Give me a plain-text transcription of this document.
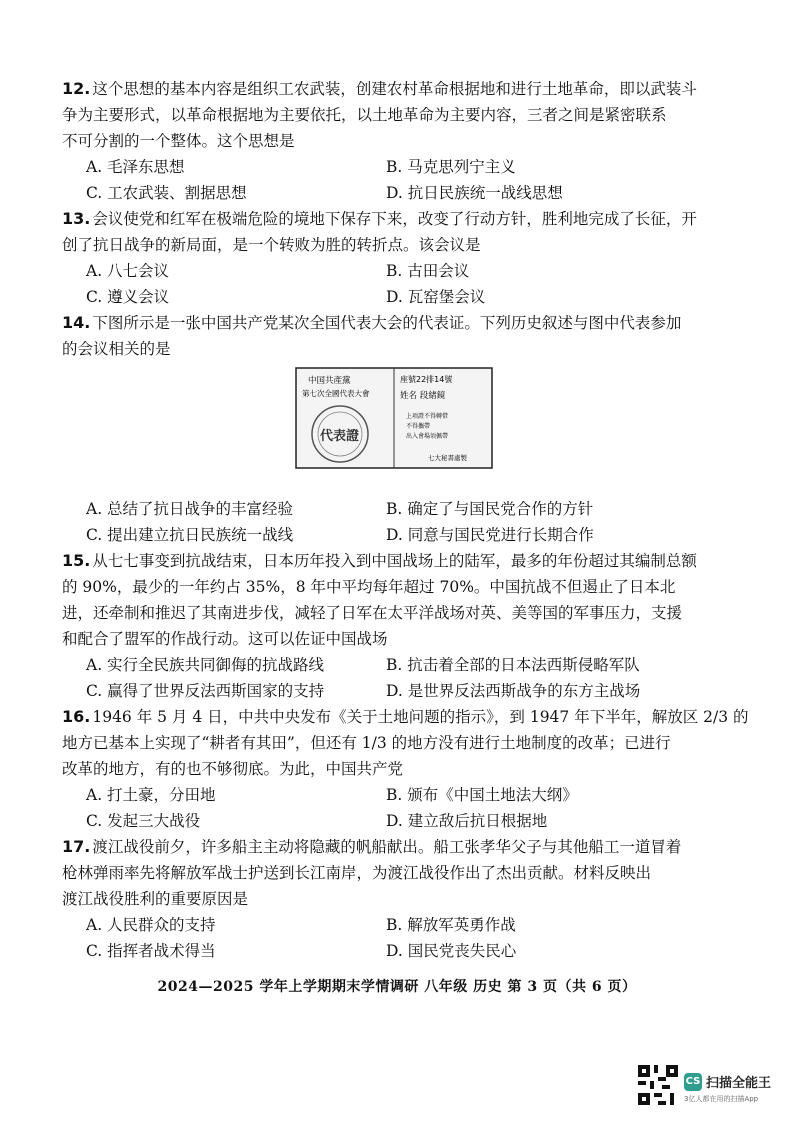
12. 这个思想的基本内容是组织工农武装，创建农村革命根据地和进行土地革命，即以武装斗
争为主要形式，以革命根据地为主要依托，以土地革命为主要内容，三者之间是紧密联系
不可分割的一个整体。这个思想是
A. 毛泽东思想	B. 马克思列宁主义
C. 工农武装、割据思想	D. 抗日民族统一战线思想
13. 会议使党和红军在极端危险的境地下保存下来，改变了行动方针，胜利地完成了长征，开
创了抗日战争的新局面，是一个转败为胜的转折点。该会议是
A. 八七会议	B. 古田会议
C. 遵义会议	D. 瓦窑堡会议
14. 下图所示是一张中国共产党某次全国代表大会的代表证。下列历史叙述与图中代表参加
的会议相关的是
中国共產黨
第七次全國代表大會
代表證
座號22排14號
姓名 段緒鏡
上項證不得轉借
不得攜帶
出入會場須佩帶
七大秘書處製
A. 总结了抗日战争的丰富经验	B. 确定了与国民党合作的方针
C. 提出建立抗日民族统一战线	D. 同意与国民党进行长期合作
15. 从七七事变到抗战结束，日本历年投入到中国战场上的陆军，最多的年份超过其编制总额
的 90%，最少的一年约占 35%，8 年中平均每年超过 70%。中国抗战不但遏止了日本北
进，还牵制和推迟了其南进步伐，减轻了日军在太平洋战场对英、美等国的军事压力，支援
和配合了盟军的作战行动。这可以佐证中国战场
A. 实行全民族共同御侮的抗战路线	B. 抗击着全部的日本法西斯侵略军队
C. 赢得了世界反法西斯国家的支持	D. 是世界反法西斯战争的东方主战场
16. 1946 年 5 月 4 日，中共中央发布《关于土地问题的指示》，到 1947 年下半年，解放区 2/3 的
地方已基本上实现了“耕者有其田”，但还有 1/3 的地方没有进行土地制度的改革；已进行
改革的地方，有的也不够彻底。为此，中国共产党
A. 打土豪，分田地	B. 颁布《中国土地法大纲》
C. 发起三大战役	D. 建立敌后抗日根据地
17. 渡江战役前夕，许多船主主动将隐藏的帆船献出。船工张孝华父子与其他船工一道冒着
枪林弹雨率先将解放军战士护送到长江南岸，为渡江战役作出了杰出贡献。材料反映出
渡江战役胜利的重要原因是
A. 人民群众的支持	B. 解放军英勇作战
C. 指挥者战术得当	D. 国民党丧失民心
2024—2025 学年上学期期末学情调研 八年级 历史 第 3 页（共 6 页）
CS 扫描全能王
3亿人都在用的扫描App
